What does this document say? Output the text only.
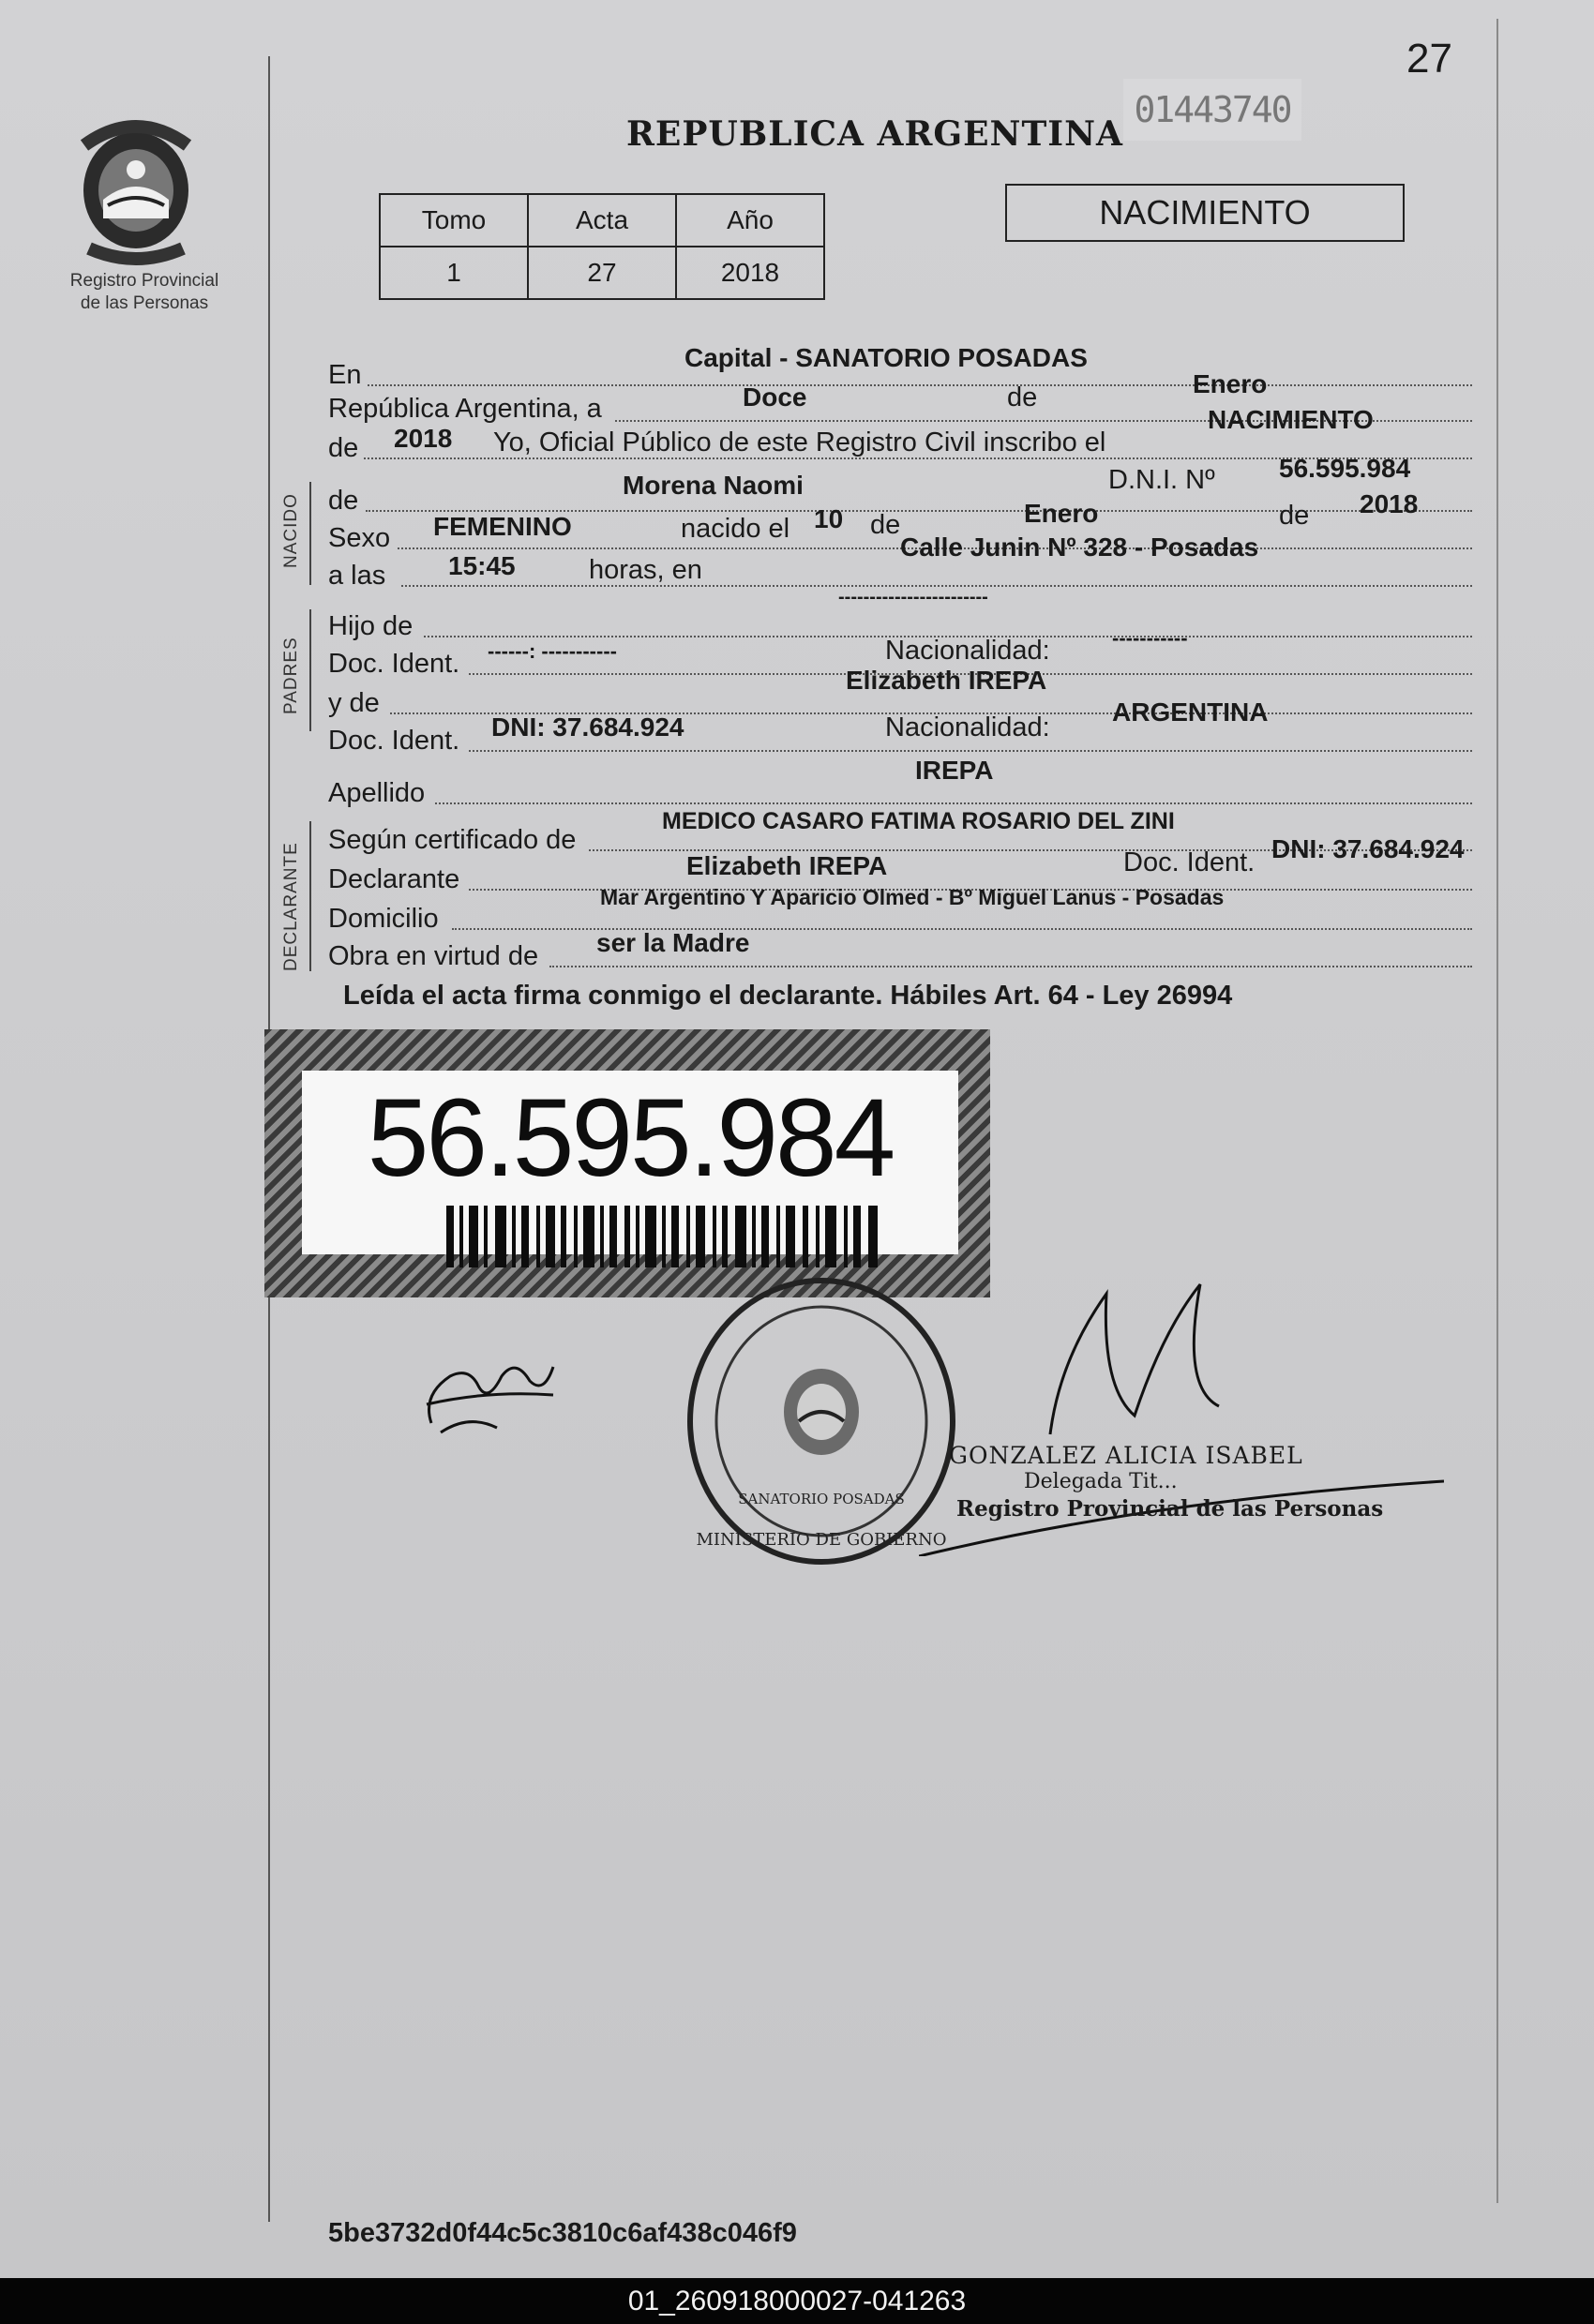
27
REPUBLICA ARGENTINA
01443740
Registro Provincial
de las Personas
Tomo	Acta	Año
1	27	2018
NACIMIENTO
En
Capital - SANATORIO POSADAS
República Argentina, a	Doce	de	Enero
de 2018 Yo, Oficial Público de este Registro Civil inscribo el
NACIMIENTO
NACIDO de
Morena Naomi	D.N.I. Nº 56.595.984
Sexo FEMENINO	nacido el 10 de	Enero	de 2018
a las 15:45	horas, en
Calle Junin Nº 328 - Posadas
PADRES
Hijo de
------------------------
Doc. Ident. ------: -----------	Nacionalidad:	-----------
y de
Elizabeth IREPA
Doc. Ident. DNI: 37.684.924	Nacionalidad:
ARGENTINA
Apellido
IREPA
DECLARANTE
Según certificado de
MEDICO CASARO FATIMA ROSARIO DEL ZINI
Declarante	Elizabeth IREPA	Doc. Ident. DNI: 37.684.924
Domicilio
Mar Argentino Y Aparicio Olmed - Bº Miguel Lanus - Posadas
Obra en virtud de ser la Madre
Leída el acta firma conmigo el declarante. Hábiles Art. 64 - Ley 26994
56.595.984
MINISTERIO DE GOBIERNO
SANATORIO POSADAS
GONZALEZ ALICIA ISABEL
Delegada Tit...
Registro Provincial de las Personas
5be3732d0f44c5c3810c6af438c046f9
01_260918000027-041263
